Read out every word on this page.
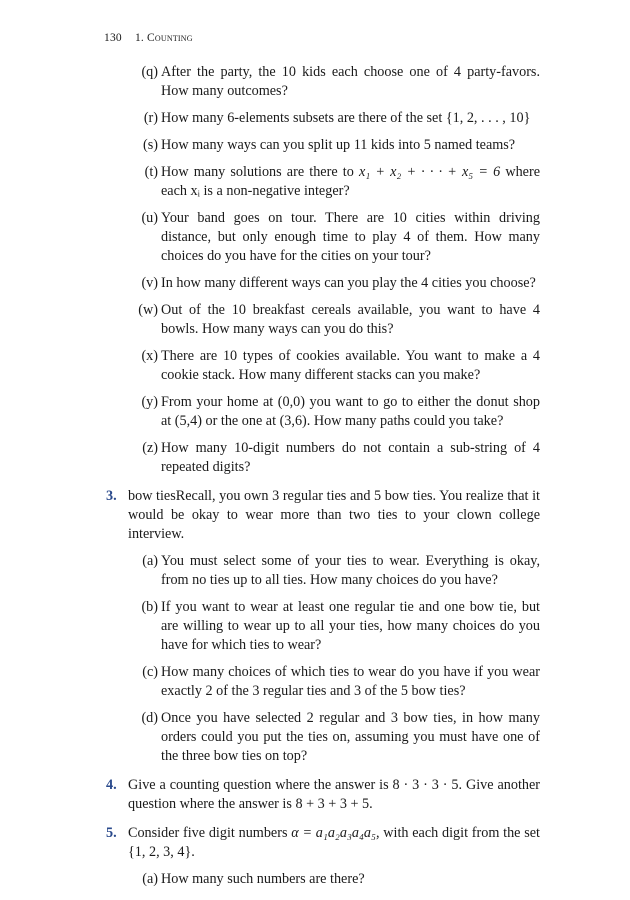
130 1. Counting
(q) After the party, the 10 kids each choose one of 4 party-favors. How many outcomes?
(r) How many 6-elements subsets are there of the set {1, 2, . . . , 10}
(s) How many ways can you split up 11 kids into 5 named teams?
(t) How many solutions are there to x₁ + x₂ + · · · + x₅ = 6 where each xᵢ is a non-negative integer?
(u) Your band goes on tour. There are 10 cities within driving distance, but only enough time to play 4 of them. How many choices do you have for the cities on your tour?
(v) In how many different ways can you play the 4 cities you choose?
(w) Out of the 10 breakfast cereals available, you want to have 4 bowls. How many ways can you do this?
(x) There are 10 types of cookies available. You want to make a 4 cookie stack. How many different stacks can you make?
(y) From your home at (0,0) you want to go to either the donut shop at (5,4) or the one at (3,6). How many paths could you take?
(z) How many 10-digit numbers do not contain a sub-string of 4 repeated digits?
3. bow tiesRecall, you own 3 regular ties and 5 bow ties. You realize that it would be okay to wear more than two ties to your clown college interview.
(a) You must select some of your ties to wear. Everything is okay, from no ties up to all ties. How many choices do you have?
(b) If you want to wear at least one regular tie and one bow tie, but are willing to wear up to all your ties, how many choices do you have for which ties to wear?
(c) How many choices of which ties to wear do you have if you wear exactly 2 of the 3 regular ties and 3 of the 5 bow ties?
(d) Once you have selected 2 regular and 3 bow ties, in how many orders could you put the ties on, assuming you must have one of the three bow ties on top?
4. Give a counting question where the answer is 8 · 3 · 3 · 5. Give another question where the answer is 8 + 3 + 3 + 5.
5. Consider five digit numbers α = a₁a₂a₃a₄a₅, with each digit from the set {1, 2, 3, 4}.
(a) How many such numbers are there?
